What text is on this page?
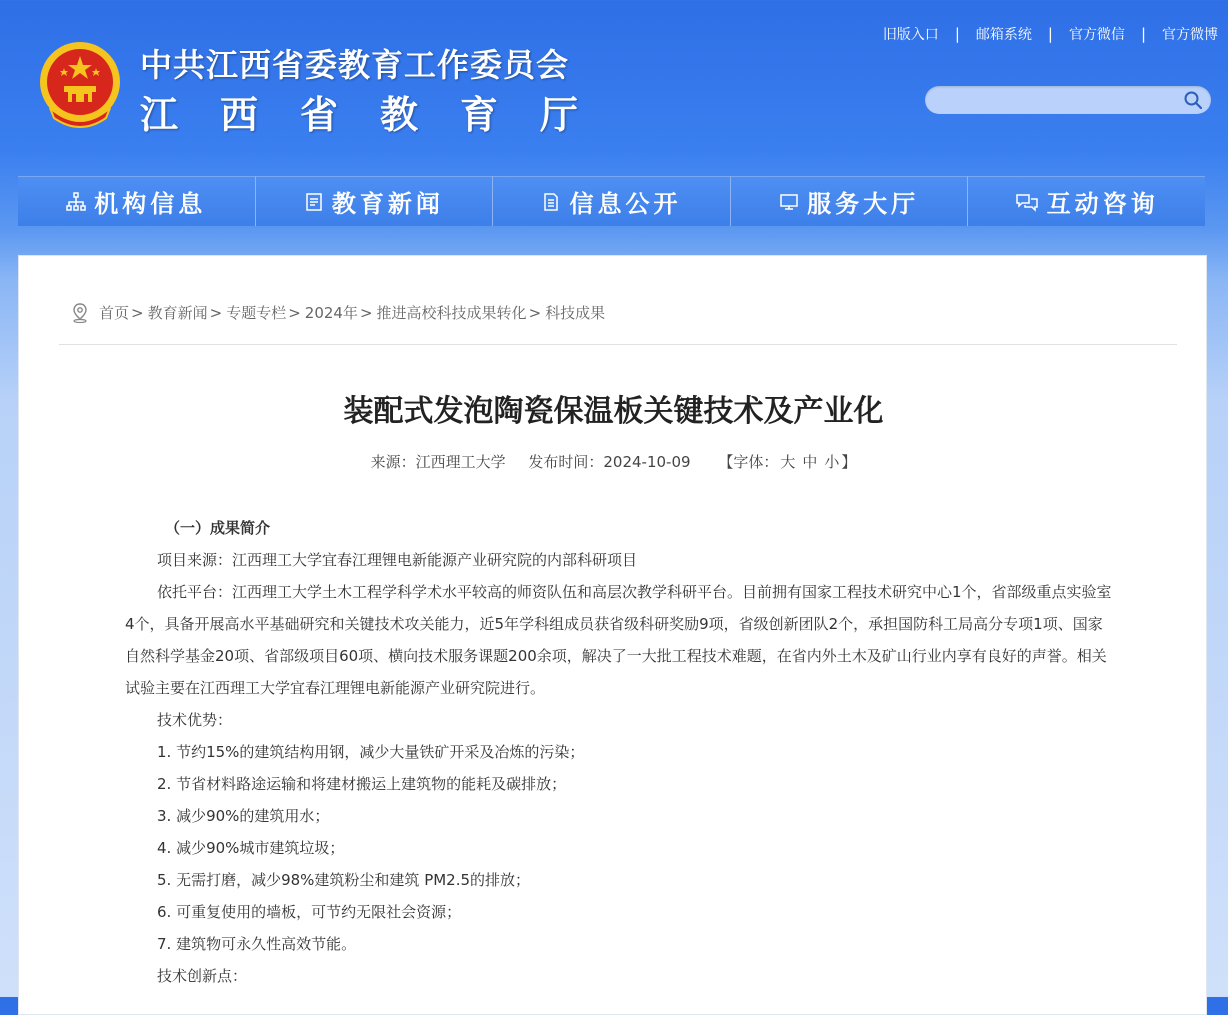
中共江西省委教育工作委员会
江西省教育厅
旧版入口 | 邮箱系统 | 官方微信 | 官方微博
机构信息	教育新闻	信息公开	服务大厅	互动咨询
首页 > 教育新闻 > 专题专栏 > 2024年 > 推进高校科技成果转化 > 科技成果
装配式发泡陶瓷保温板关键技术及产业化
来源：江西理工大学 发布时间：2024-10-09 【字体： 大 中 小 】

（一）成果简介

项目来源：江西理工大学宜春江理锂电新能源产业研究院的内部科研项目

依托平台：江西理工大学土木工程学科学术水平较高的师资队伍和高层次教学科研平台。目前拥有国家工程技术研究中心1个，省部级重点实验室4个，具备开展高水平基础研究和关键技术攻关能力，近5年学科组成员获省级科研奖励9项，省级创新团队2个，承担国防科工局高分专项1项、国家自然科学基金20项、省部级项目60项、横向技术服务课题200余项，解决了一大批工程技术难题，在省内外土木及矿山行业内享有良好的声誉。相关试验主要在江西理工大学宜春江理锂电新能源产业研究院进行。

技术优势：

1. 节约15%的建筑结构用钢，减少大量铁矿开采及冶炼的污染；

2. 节省材料路途运输和将建材搬运上建筑物的能耗及碳排放；

3. 减少90%的建筑用水；

4. 减少90%城市建筑垃圾；

5. 无需打磨，减少98%建筑粉尘和建筑 PM2.5的排放；

6. 可重复使用的墙板，可节约无限社会资源；

7. 建筑物可永久性高效节能。

技术创新点：
